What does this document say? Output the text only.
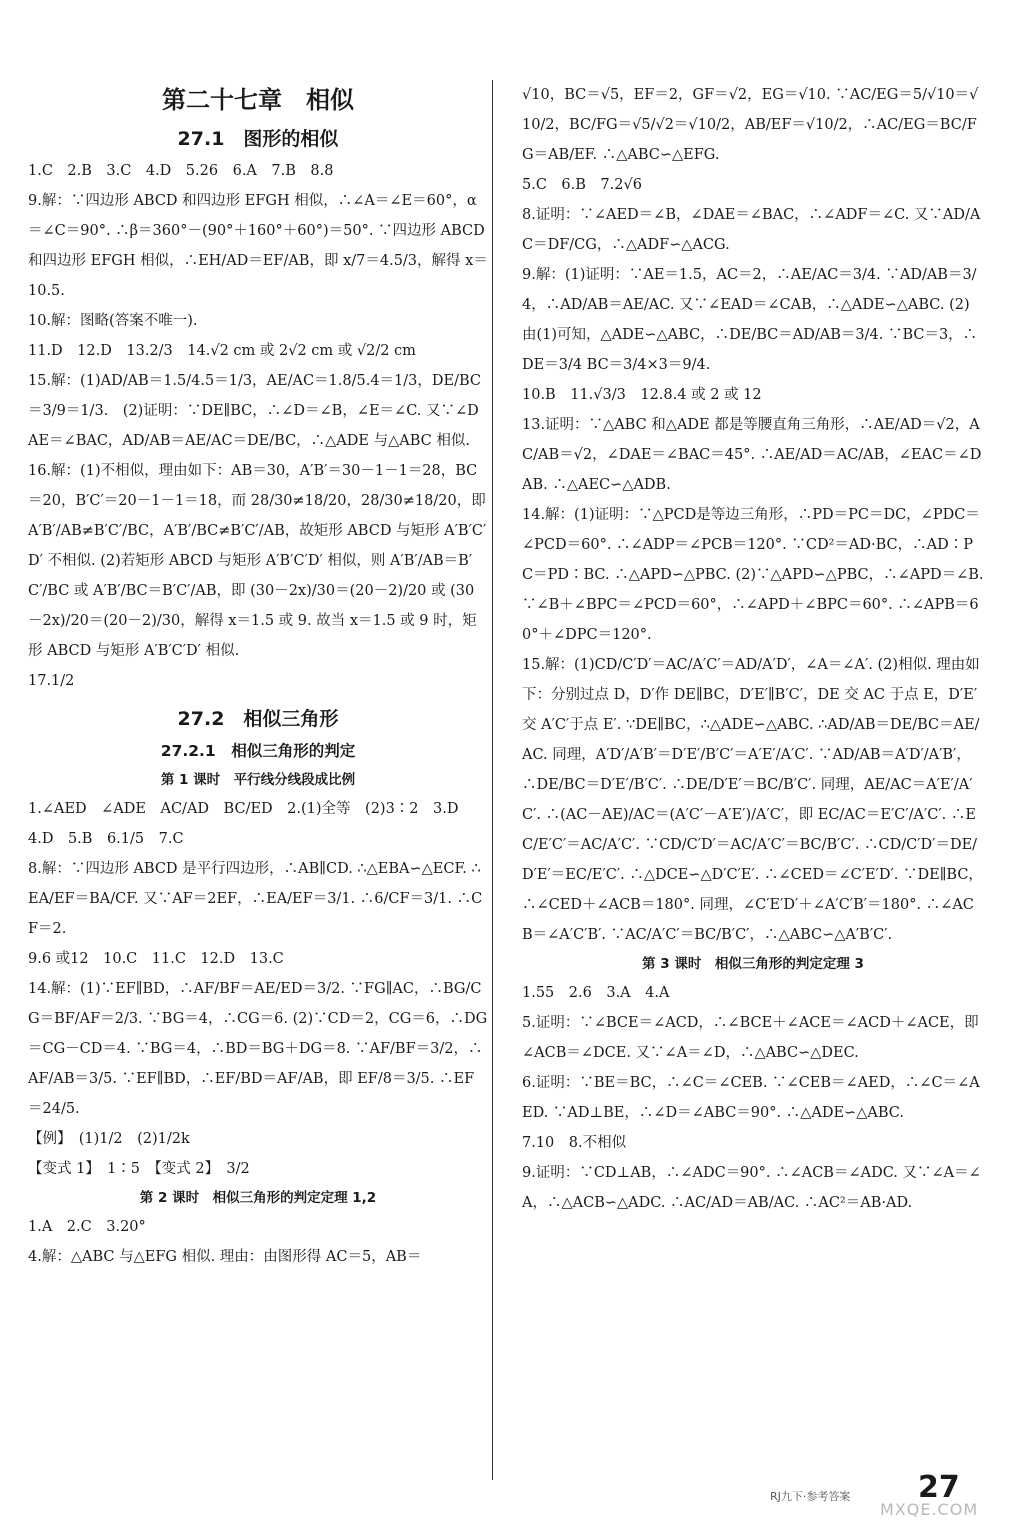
第二十七章　相似
27.1　图形的相似

1.C　2.B　3.C　4.D　5.26　6.A　7.B　8.8

9.解：∵四边形 ABCD 和四边形 EFGH 相似，∴∠A＝∠E＝60°，α＝∠C＝90°. ∴β＝360°－(90°＋160°＋60°)＝50°. ∵四边形 ABCD 和四边形 EFGH 相似，∴EH/AD＝EF/AB，即 x/7＝4.5/3，解得 x＝10.5.

10.解：图略(答案不唯一).

11.D　12.D　13.2/3　14.√2 cm 或 2√2 cm 或 √2/2 cm

15.解：(1)AD/AB＝1.5/4.5＝1/3，AE/AC＝1.8/5.4＝1/3，DE/BC＝3/9＝1/3.　(2)证明：∵DE∥BC，∴∠D＝∠B，∠E＝∠C. 又∵∠DAE＝∠BAC，AD/AB＝AE/AC＝DE/BC，∴△ADE 与△ABC 相似.

16.解：(1)不相似，理由如下：AB＝30，A′B′＝30－1－1＝28，BC＝20，B′C′＝20－1－1＝18，而 28/30≠18/20，28/30≠18/20，即 A′B′/AB≠B′C′/BC，A′B′/BC≠B′C′/AB，故矩形 ABCD 与矩形 A′B′C′D′ 不相似. (2)若矩形 ABCD 与矩形 A′B′C′D′ 相似，则 A′B′/AB＝B′C′/BC 或 A′B′/BC＝B′C′/AB，即 (30－2x)/30＝(20－2)/20 或 (30－2x)/20＝(20－2)/30，解得 x＝1.5 或 9. 故当 x＝1.5 或 9 时，矩形 ABCD 与矩形 A′B′C′D′ 相似.

17.1/2

27.2　相似三角形
27.2.1　相似三角形的判定
第 1 课时　平行线分线段成比例

1.∠AED　∠ADE　AC/AD　BC/ED　2.(1)全等　(2)3∶2　3.D

4.D　5.B　6.1/5　7.C

8.解：∵四边形 ABCD 是平行四边形，∴AB∥CD. ∴△EBA∽△ECF. ∴EA/EF＝BA/CF. 又∵AF＝2EF，∴EA/EF＝3/1. ∴6/CF＝3/1. ∴CF＝2.

9.6 或12　10.C　11.C　12.D　13.C

14.解：(1)∵EF∥BD，∴AF/BF＝AE/ED＝3/2. ∵FG∥AC，∴BG/CG＝BF/AF＝2/3. ∵BG＝4，∴CG＝6. (2)∵CD＝2，CG＝6，∴DG＝CG－CD＝4. ∵BG＝4，∴BD＝BG＋DG＝8. ∵AF/BF＝3/2，∴AF/AB＝3/5. ∵EF∥BD，∴EF/BD＝AF/AB，即 EF/8＝3/5. ∴EF＝24/5.

【例】　(1)1/2　(2)1/2k

【变式 1】　1∶5　【变式 2】　3/2

第 2 课时　相似三角形的判定定理 1,2

1.A　2.C　3.20°

4.解：△ABC 与△EFG 相似. 理由：由图形得 AC＝5，AB＝

√10，BC＝√5，EF＝2，GF＝√2，EG＝√10. ∵AC/EG＝5/√10＝√10/2，BC/FG＝√5/√2＝√10/2，AB/EF＝√10/2，∴AC/EG＝BC/FG＝AB/EF. ∴△ABC∽△EFG.

5.C　6.B　7.2√6

8.证明：∵∠AED＝∠B，∠DAE＝∠BAC，∴∠ADF＝∠C. 又∵AD/AC＝DF/CG，∴△ADF∽△ACG.

9.解：(1)证明：∵AE＝1.5，AC＝2，∴AE/AC＝3/4. ∵AD/AB＝3/4，∴AD/AB＝AE/AC. 又∵∠EAD＝∠CAB，∴△ADE∽△ABC. (2)由(1)可知，△ADE∽△ABC，∴DE/BC＝AD/AB＝3/4. ∵BC＝3，∴DE＝3/4 BC＝3/4×3＝9/4.

10.B　11.√3/3　12.8.4 或 2 或 12

13.证明：∵△ABC 和△ADE 都是等腰直角三角形，∴AE/AD＝√2，AC/AB＝√2，∠DAE＝∠BAC＝45°. ∴AE/AD＝AC/AB，∠EAC＝∠DAB. ∴△AEC∽△ADB.

14.解：(1)证明：∵△PCD是等边三角形，∴PD＝PC＝DC，∠PDC＝∠PCD＝60°. ∴∠ADP＝∠PCB＝120°. ∵CD²＝AD·BC，∴AD∶PC＝PD∶BC. ∴△APD∽△PBC. (2)∵△APD∽△PBC，∴∠APD＝∠B. ∵∠B＋∠BPC＝∠PCD＝60°，∴∠APD＋∠BPC＝60°. ∴∠APB＝60°＋∠DPC＝120°.

15.解：(1)CD/C′D′＝AC/A′C′＝AD/A′D′，∠A＝∠A′. (2)相似. 理由如下：分别过点 D，D′作 DE∥BC，D′E′∥B′C′，DE 交 AC 于点 E，D′E′交 A′C′于点 E′. ∵DE∥BC，∴△ADE∽△ABC. ∴AD/AB＝DE/BC＝AE/AC. 同理，A′D′/A′B′＝D′E′/B′C′＝A′E′/A′C′. ∵AD/AB＝A′D′/A′B′，∴DE/BC＝D′E′/B′C′. ∴DE/D′E′＝BC/B′C′. 同理，AE/AC＝A′E′/A′C′. ∴(AC－AE)/AC＝(A′C′－A′E′)/A′C′，即 EC/AC＝E′C′/A′C′. ∴EC/E′C′＝AC/A′C′. ∵CD/C′D′＝AC/A′C′＝BC/B′C′. ∴CD/C′D′＝DE/D′E′＝EC/E′C′. ∴△DCE∽△D′C′E′. ∴∠CED＝∠C′E′D′. ∵DE∥BC，∴∠CED＋∠ACB＝180°. 同理，∠C′E′D′＋∠A′C′B′＝180°. ∴∠ACB＝∠A′C′B′. ∵AC/A′C′＝BC/B′C′，∴△ABC∽△A′B′C′.

第 3 课时　相似三角形的判定定理 3

1.55　2.6　3.A　4.A

5.证明：∵∠BCE＝∠ACD，∴∠BCE＋∠ACE＝∠ACD＋∠ACE，即∠ACB＝∠DCE. 又∵∠A＝∠D，∴△ABC∽△DEC.

6.证明：∵BE＝BC，∴∠C＝∠CEB. ∵∠CEB＝∠AED，∴∠C＝∠AED. ∵AD⊥BE，∴∠D＝∠ABC＝90°. ∴△ADE∽△ABC.

7.10　8.不相似

9.证明：∵CD⊥AB，∴∠ADC＝90°. ∴∠ACB＝∠ADC. 又∵∠A＝∠A，∴△ACB∽△ADC. ∴AC/AD＝AB/AC. ∴AC²＝AB·AD.

RJ九下·参考答案 27
MXQE.COM
